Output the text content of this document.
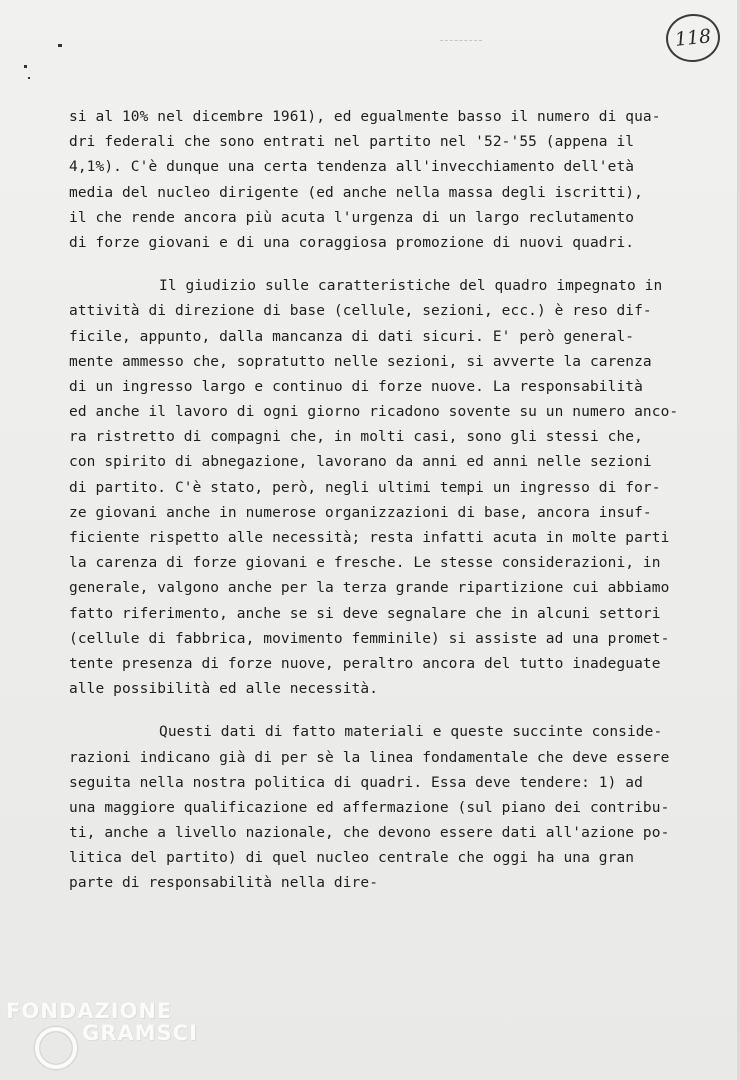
118
si al 10% nel dicembre 1961), ed egualmente basso il numero di qua-
dri federali che sono entrati nel partito nel '52-'55 (appena il
4,1%). C'è dunque una certa tendenza all'invecchiamento dell'età
media del nucleo dirigente (ed anche nella massa degli iscritti),
il che rende ancora più acuta l'urgenza di un largo reclutamento
di forze giovani e di una coraggiosa promozione di nuovi quadri.
Il giudizio sulle caratteristiche del quadro impegnato in
attività di direzione di base (cellule, sezioni, ecc.) è reso dif-
ficile, appunto, dalla mancanza di dati sicuri. E' però general-
mente ammesso che, sopratutto nelle sezioni, si avverte la carenza
di un ingresso largo e continuo di forze nuove. La responsabilità
ed anche il lavoro di ogni giorno ricadono sovente su un numero anco-
ra ristretto di compagni che, in molti casi, sono gli stessi che,
con spirito di abnegazione, lavorano da anni ed anni nelle sezioni
di partito. C'è stato, però, negli ultimi tempi un ingresso di for-
ze giovani anche in numerose organizzazioni di base, ancora insuf-
ficiente rispetto alle necessità; resta infatti acuta in molte parti
la carenza di forze giovani e fresche. Le stesse considerazioni, in
generale, valgono anche per la terza grande ripartizione cui abbiamo
fatto riferimento, anche se si deve segnalare che in alcuni settori
(cellule di fabbrica, movimento femminile) si assiste ad una promet-
tente presenza di forze nuove, peraltro ancora del tutto inadeguate
alle possibilità ed alle necessità.
Questi dati di fatto materiali e queste succinte conside-
razioni indicano già di per sè la linea fondamentale che deve essere
seguita nella nostra politica di quadri. Essa deve tendere: 1) ad
una maggiore qualificazione ed affermazione (sul piano dei contribu-
ti, anche a livello nazionale, che devono essere dati all'azione po-
litica del partito) di quel nucleo centrale che oggi ha una gran
parte di responsabilità nella dire-
FONDAZIONE
GRAMSCI
